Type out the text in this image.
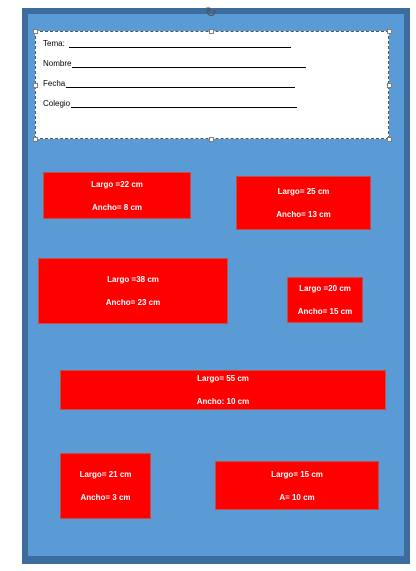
↻
Tema:
Nombre
Fecha
Colegio
Largo =22 cm
Ancho= 8 cm
Largo= 25 cm
Ancho= 13 cm
Largo =38 cm
Ancho= 23 cm
Largo =20 cm
Ancho= 15 cm
Largo= 55 cm
Ancho: 10 cm
Largo= 21 cm
Ancho= 3 cm
Largo= 15 cm
A= 10 cm
